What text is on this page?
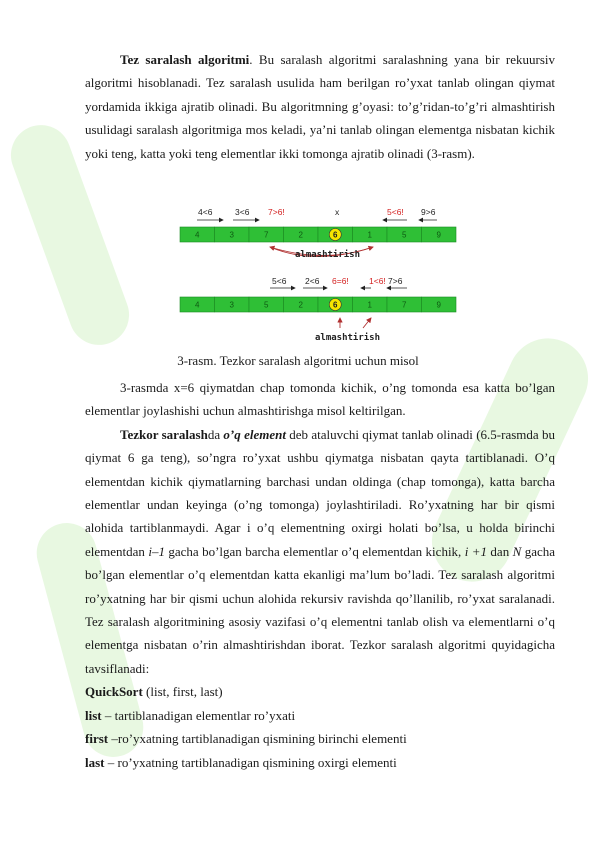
Tez saralash algoritmi. Bu saralash algoritmi saralashning yana bir rekuursiv algoritmi hisoblanadi. Tez saralash usulida ham berilgan ro’yxat tanlab olingan qiymat yordamida ikkiga ajratib olinadi. Bu algoritmning g’oyasi: to’g’ridan-to’g’ri almashtirish usulidagi saralash algoritmiga mos keladi, ya’ni tanlab olingan elementga nisbatan kichik yoki teng, katta yoki teng elementlar ikki tomonga ajratib olinadi (3-rasm).

4	3	7	2	6	1	5	9
4<6	3<6 7>6!	x	5<6! 9>6
4	3	5	2	6	1	7	9
5<6 2<6 6=6! 1<6! 7>6
almashtirish
almashtirish
3-rasm. Tezkor saralash algoritmi uchun misol

3-rasmda x=6 qiymatdan chap tomonda kichik, o’ng tomonda esa katta bo’lgan elementlar joylashishi uchun almashtirishga misol keltirilgan.

Tezkor saralashda o’q element deb ataluvchi qiymat tanlab olinadi (6.5-rasmda bu qiymat 6 ga teng), so’ngra ro’yxat ushbu qiymatga nisbatan qayta tartiblanadi. O’q elementdan kichik qiymatlarning barchasi undan oldinga (chap tomonga), katta barcha elementlar undan keyinga (o’ng tomonga) joylashtiriladi. Ro’yxatning har bir qismi alohida tartiblanmaydi. Agar i o’q elementning oxirgi holati bo’lsa, u holda birinchi elementdan i–1 gacha bo’lgan barcha elementlar o’q elementdan kichik, i +1 dan N gacha bo’lgan elementlar o’q elementdan katta ekanligi ma’lum bo’ladi. Tez saralash algoritmi ro’yxatning har bir qismi uchun alohida rekursiv ravishda qo’llanilib, ro’yxat saralanadi. Tez saralash algoritmining asosiy vazifasi o’q elementni tanlab olish va elementlarni o’q elementga nisbatan o’rin almashtirishdan iborat. Tezkor saralash algoritmi quyidagicha tavsiflanadi:

QuickSort (list, first, last)

list – tartiblanadigan elementlar ro’yxati

first –ro’yxatning tartiblanadigan qismining birinchi elementi

last – ro’yxatning tartiblanadigan qismining oxirgi elementi
